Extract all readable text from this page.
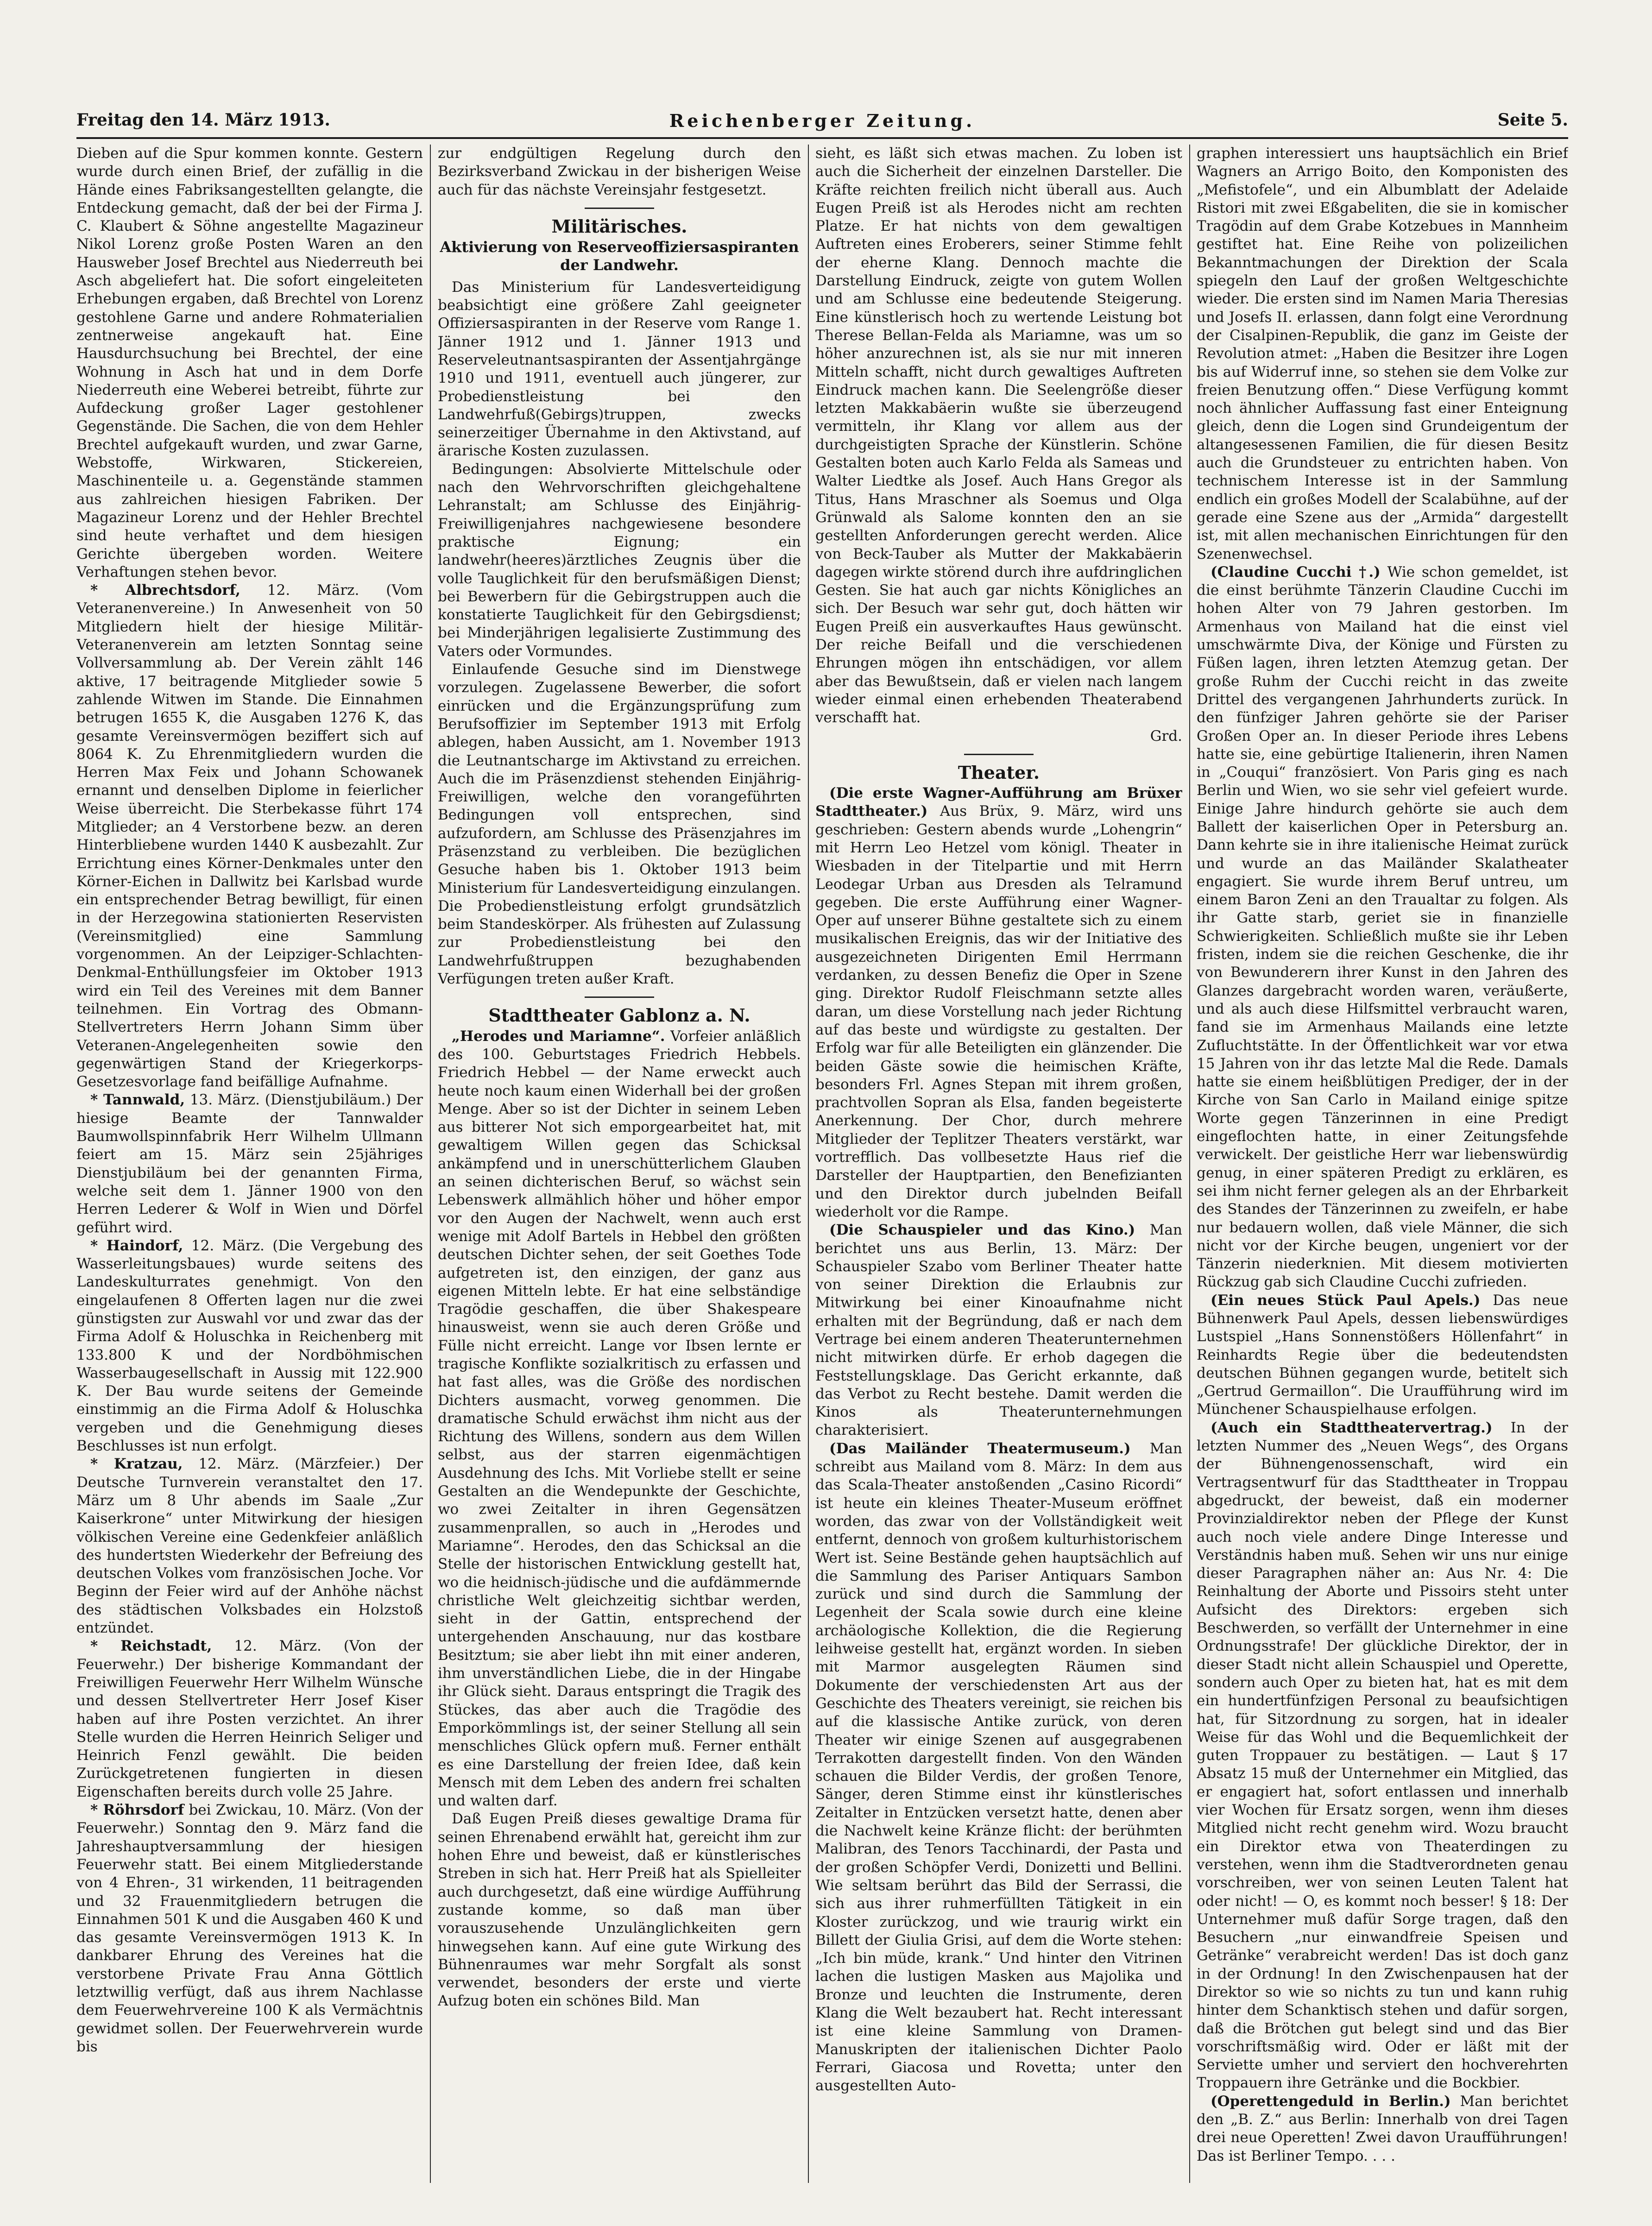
Freitag den 14. März 1913.	Reichenberger Zeitung.	Seite 5.

Dieben auf die Spur kommen konnte. Gestern wurde durch einen Brief, der zufällig in die Hände eines Fabriksangestellten gelangte, die Entdeckung gemacht, daß der bei der Firma J. C. Klaubert & Söhne angestellte Magazineur Nikol Lorenz große Posten Waren an den Hausweber Josef Brechtel aus Niederreuth bei Asch abgeliefert hat. Die sofort eingeleiteten Erhebungen ergaben, daß Brechtel von Lorenz gestohlene Garne und andere Rohmaterialien zentnerweise angekauft hat. Eine Hausdurchsuchung bei Brechtel, der eine Wohnung in Asch hat und in dem Dorfe Niederreuth eine Weberei betreibt, führte zur Aufdeckung großer Lager gestohlener Gegenstände. Die Sachen, die von dem Hehler Brechtel aufgekauft wurden, und zwar Garne, Webstoffe, Wirkwaren, Stickereien, Maschinenteile u. a. Gegenstände stammen aus zahlreichen hiesigen Fabriken. Der Magazineur Lorenz und der Hehler Brechtel sind heute verhaftet und dem hiesigen Gerichte übergeben worden. Weitere Verhaftungen stehen bevor.

* Albrechtsdorf, 12. März. (Vom Veteranenvereine.) In Anwesenheit von 50 Mitgliedern hielt der hiesige Militär-Veteranenverein am letzten Sonntag seine Vollversammlung ab. Der Verein zählt 146 aktive, 17 beitragende Mitglieder sowie 5 zahlende Witwen im Stande. Die Einnahmen betrugen 1655 K, die Ausgaben 1276 K, das gesamte Vereinsvermögen beziffert sich auf 8064 K. Zu Ehrenmitgliedern wurden die Herren Max Feix und Johann Schowanek ernannt und denselben Diplome in feierlicher Weise überreicht. Die Sterbekasse führt 174 Mitglieder; an 4 Verstorbene bezw. an deren Hinterbliebene wurden 1440 K ausbezahlt. Zur Errichtung eines Körner-Denkmales unter den Körner-Eichen in Dallwitz bei Karlsbad wurde ein entsprechender Betrag bewilligt, für einen in der Herzegowina stationierten Reservisten (Vereinsmitglied) eine Sammlung vorgenommen. An der Leipziger-Schlachten-Denkmal-Enthüllungsfeier im Oktober 1913 wird ein Teil des Vereines mit dem Banner teilnehmen. Ein Vortrag des Obmann-Stellvertreters Herrn Johann Simm über Veteranen-Angelegenheiten sowie den gegenwärtigen Stand der Kriegerkorps-Gesetzesvorlage fand beifällige Aufnahme.

* Tannwald, 13. März. (Dienstjubiläum.) Der hiesige Beamte der Tannwalder Baumwollspinnfabrik Herr Wilhelm Ullmann feiert am 15. März sein 25jähriges Dienstjubiläum bei der genannten Firma, welche seit dem 1. Jänner 1900 von den Herren Lederer & Wolf in Wien und Dörfel geführt wird.

* Haindorf, 12. März. (Die Vergebung des Wasserleitungsbaues) wurde seitens des Landeskulturrates genehmigt. Von den eingelaufenen 8 Offerten lagen nur die zwei günstigsten zur Auswahl vor und zwar das der Firma Adolf & Holuschka in Reichenberg mit 133.800 K und der Nordböhmischen Wasserbaugesellschaft in Aussig mit 122.900 K. Der Bau wurde seitens der Gemeinde einstimmig an die Firma Adolf & Holuschka vergeben und die Genehmigung dieses Beschlusses ist nun erfolgt.

* Kratzau, 12. März. (Märzfeier.) Der Deutsche Turnverein veranstaltet den 17. März um 8 Uhr abends im Saale „Zur Kaiserkrone“ unter Mitwirkung der hiesigen völkischen Vereine eine Gedenkfeier anläßlich des hundertsten Wiederkehr der Befreiung des deutschen Volkes vom französischen Joche. Vor Beginn der Feier wird auf der Anhöhe nächst des städtischen Volksbades ein Holzstoß entzündet.

* Reichstadt, 12. März. (Von der Feuerwehr.) Der bisherige Kommandant der Freiwilligen Feuerwehr Herr Wilhelm Wünsche und dessen Stellvertreter Herr Josef Kiser haben auf ihre Posten verzichtet. An ihrer Stelle wurden die Herren Heinrich Seliger und Heinrich Fenzl gewählt. Die beiden Zurückgetretenen fungierten in diesen Eigenschaften bereits durch volle 25 Jahre.

* Röhrsdorf bei Zwickau, 10. März. (Von der Feuerwehr.) Sonntag den 9. März fand die Jahreshauptversammlung der hiesigen Feuerwehr statt. Bei einem Mitgliederstande von 4 Ehren-, 31 wirkenden, 11 beitragenden und 32 Frauenmitgliedern betrugen die Einnahmen 501 K und die Ausgaben 460 K und das gesamte Vereinsvermögen 1913 K. In dankbarer Ehrung des Vereines hat die verstorbene Private Frau Anna Göttlich letztwillig verfügt, daß aus ihrem Nachlasse dem Feuerwehrvereine 100 K als Vermächtnis gewidmet sollen. Der Feuerwehrverein wurde bis

zur endgültigen Regelung durch den Bezirksverband Zwickau in der bisherigen Weise auch für das nächste Vereinsjahr festgesetzt.

Militärisches.
Aktivierung von Reserveoffiziersaspiranten der Landwehr.

Das Ministerium für Landesverteidigung beabsichtigt eine größere Zahl geeigneter Offiziersaspiranten in der Reserve vom Range 1. Jänner 1912 und 1. Jänner 1913 und Reserveleutnantsaspiranten der Assentjahrgänge 1910 und 1911, eventuell auch jüngerer, zur Probedienstleistung bei den Landwehrfuß(Gebirgs)truppen, zwecks seinerzeitiger Übernahme in den Aktivstand, auf ärarische Kosten zuzulassen.

Bedingungen: Absolvierte Mittelschule oder nach den Wehrvorschriften gleichgehaltene Lehranstalt; am Schlusse des Einjährig-Freiwilligenjahres nachgewiesene besondere praktische Eignung; ein landwehr(heeres)ärztliches Zeugnis über die volle Tauglichkeit für den berufsmäßigen Dienst; bei Bewerbern für die Gebirgstruppen auch die konstatierte Tauglichkeit für den Gebirgsdienst; bei Minderjährigen legalisierte Zustimmung des Vaters oder Vormundes.

Einlaufende Gesuche sind im Dienstwege vorzulegen. Zugelassene Bewerber, die sofort einrücken und die Ergänzungsprüfung zum Berufsoffizier im September 1913 mit Erfolg ablegen, haben Aussicht, am 1. November 1913 die Leutnantscharge im Aktivstand zu erreichen. Auch die im Präsenzdienst stehenden Einjährig-Freiwilligen, welche den vorangeführten Bedingungen voll entsprechen, sind aufzufordern, am Schlusse des Präsenzjahres im Präsenzstand zu verbleiben. Die bezüglichen Gesuche haben bis 1. Oktober 1913 beim Ministerium für Landesverteidigung einzulangen. Die Probedienstleistung erfolgt grundsätzlich beim Standeskörper. Als frühesten auf Zulassung zur Probedienstleistung bei den Landwehrfußtruppen bezughabenden Verfügungen treten außer Kraft.

Stadttheater Gablonz a. N.

„Herodes und Mariamne“. Vorfeier anläßlich des 100. Geburtstages Friedrich Hebbels. Friedrich Hebbel — der Name erweckt auch heute noch kaum einen Widerhall bei der großen Menge. Aber so ist der Dichter in seinem Leben aus bitterer Not sich emporgearbeitet hat, mit gewaltigem Willen gegen das Schicksal ankämpfend und in unerschütterlichem Glauben an seinen dichterischen Beruf, so wächst sein Lebenswerk allmählich höher und höher empor vor den Augen der Nachwelt, wenn auch erst wenige mit Adolf Bartels in Hebbel den größten deutschen Dichter sehen, der seit Goethes Tode aufgetreten ist, den einzigen, der ganz aus eigenen Mitteln lebte. Er hat eine selbständige Tragödie geschaffen, die über Shakespeare hinausweist, wenn sie auch deren Größe und Fülle nicht erreicht. Lange vor Ibsen lernte er tragische Konflikte sozialkritisch zu erfassen und hat fast alles, was die Größe des nordischen Dichters ausmacht, vorweg genommen. Die dramatische Schuld erwächst ihm nicht aus der Richtung des Willens, sondern aus dem Willen selbst, aus der starren eigenmächtigen Ausdehnung des Ichs. Mit Vorliebe stellt er seine Gestalten an die Wendepunkte der Geschichte, wo zwei Zeitalter in ihren Gegensätzen zusammenprallen, so auch in „Herodes und Mariamne“. Herodes, den das Schicksal an die Stelle der historischen Entwicklung gestellt hat, wo die heidnisch-jüdische und die aufdämmernde christliche Welt gleichzeitig sichtbar werden, sieht in der Gattin, entsprechend der untergehenden Anschauung, nur das kostbare Besitztum; sie aber liebt ihn mit einer anderen, ihm unverständlichen Liebe, die in der Hingabe ihr Glück sieht. Daraus entspringt die Tragik des Stückes, das aber auch die Tragödie des Emporkömmlings ist, der seiner Stellung all sein menschliches Glück opfern muß. Ferner enthält es eine Darstellung der freien Idee, daß kein Mensch mit dem Leben des andern frei schalten und walten darf.

Daß Eugen Preiß dieses gewaltige Drama für seinen Ehrenabend erwählt hat, gereicht ihm zur hohen Ehre und beweist, daß er künstlerisches Streben in sich hat. Herr Preiß hat als Spielleiter auch durchgesetzt, daß eine würdige Aufführung zustande komme, so daß man über vorauszusehende Unzulänglichkeiten gern hinwegsehen kann. Auf eine gute Wirkung des Bühnenraumes war mehr Sorgfalt als sonst verwendet, besonders der erste und vierte Aufzug boten ein schönes Bild. Man

sieht, es läßt sich etwas machen. Zu loben ist auch die Sicherheit der einzelnen Darsteller. Die Kräfte reichten freilich nicht überall aus. Auch Eugen Preiß ist als Herodes nicht am rechten Platze. Er hat nichts von dem gewaltigen Auftreten eines Eroberers, seiner Stimme fehlt der eherne Klang. Dennoch machte die Darstellung Eindruck, zeigte von gutem Wollen und am Schlusse eine bedeutende Steigerung. Eine künstlerisch hoch zu wertende Leistung bot Therese Bellan-Felda als Mariamne, was um so höher anzurechnen ist, als sie nur mit inneren Mitteln schafft, nicht durch gewaltiges Auftreten Eindruck machen kann. Die Seelengröße dieser letzten Makkabäerin wußte sie überzeugend vermitteln, ihr Klang vor allem aus der durchgeistigten Sprache der Künstlerin. Schöne Gestalten boten auch Karlo Felda als Sameas und Walter Liedtke als Josef. Auch Hans Gregor als Titus, Hans Mraschner als Soemus und Olga Grünwald als Salome konnten den an sie gestellten Anforderungen gerecht werden. Alice von Beck-Tauber als Mutter der Makkabäerin dagegen wirkte störend durch ihre aufdringlichen Gesten. Sie hat auch gar nichts Königliches an sich. Der Besuch war sehr gut, doch hätten wir Eugen Preiß ein ausverkauftes Haus gewünscht. Der reiche Beifall und die verschiedenen Ehrungen mögen ihn entschädigen, vor allem aber das Bewußtsein, daß er vielen nach langem wieder einmal einen erhebenden Theaterabend verschafft hat.

Grd.
Theater.

(Die erste Wagner-Aufführung am Brüxer Stadttheater.) Aus Brüx, 9. März, wird uns geschrieben: Gestern abends wurde „Lohengrin“ mit Herrn Leo Hetzel vom königl. Theater in Wiesbaden in der Titelpartie und mit Herrn Leodegar Urban aus Dresden als Telramund gegeben. Die erste Aufführung einer Wagner-Oper auf unserer Bühne gestaltete sich zu einem musikalischen Ereignis, das wir der Initiative des ausgezeichneten Dirigenten Emil Herrmann verdanken, zu dessen Benefiz die Oper in Szene ging. Direktor Rudolf Fleischmann setzte alles daran, um diese Vorstellung nach jeder Richtung auf das beste und würdigste zu gestalten. Der Erfolg war für alle Beteiligten ein glänzender. Die beiden Gäste sowie die heimischen Kräfte, besonders Frl. Agnes Stepan mit ihrem großen, prachtvollen Sopran als Elsa, fanden begeisterte Anerkennung. Der Chor, durch mehrere Mitglieder der Teplitzer Theaters verstärkt, war vortrefflich. Das vollbesetzte Haus rief die Darsteller der Hauptpartien, den Benefizianten und den Direktor durch jubelnden Beifall wiederholt vor die Rampe.

(Die Schauspieler und das Kino.) Man berichtet uns aus Berlin, 13. März: Der Schauspieler Szabo vom Berliner Theater hatte von seiner Direktion die Erlaubnis zur Mitwirkung bei einer Kinoaufnahme nicht erhalten mit der Begründung, daß er nach dem Vertrage bei einem anderen Theaterunternehmen nicht mitwirken dürfe. Er erhob dagegen die Feststellungsklage. Das Gericht erkannte, daß das Verbot zu Recht bestehe. Damit werden die Kinos als Theaterunternehmungen charakterisiert.

(Das Mailänder Theatermuseum.) Man schreibt aus Mailand vom 8. März: In dem aus das Scala-Theater anstoßenden „Casino Ricordi“ ist heute ein kleines Theater-Museum eröffnet worden, das zwar von der Vollständigkeit weit entfernt, dennoch von großem kulturhistorischem Wert ist. Seine Bestände gehen hauptsächlich auf die Sammlung des Pariser Antiquars Sambon zurück und sind durch die Sammlung der Legenheit der Scala sowie durch eine kleine archäologische Kollektion, die die Regierung leihweise gestellt hat, ergänzt worden. In sieben mit Marmor ausgelegten Räumen sind Dokumente der verschiedensten Art aus der Geschichte des Theaters vereinigt, sie reichen bis auf die klassische Antike zurück, von deren Theater wir einige Szenen auf ausgegrabenen Terrakotten dargestellt finden. Von den Wänden schauen die Bilder Verdis, der großen Tenore, Sänger, deren Stimme einst ihr künstlerisches Zeitalter in Entzücken versetzt hatte, denen aber die Nachwelt keine Kränze flicht: der berühmten Malibran, des Tenors Tacchinardi, der Pasta und der großen Schöpfer Verdi, Donizetti und Bellini. Wie seltsam berührt das Bild der Serrassi, die sich aus ihrer ruhmerfüllten Tätigkeit in ein Kloster zurückzog, und wie traurig wirkt ein Billett der Giulia Grisi, auf dem die Worte stehen: „Ich bin müde, krank.“ Und hinter den Vitrinen lachen die lustigen Masken aus Majolika und Bronze und leuchten die Instrumente, deren Klang die Welt bezaubert hat. Recht interessant ist eine kleine Sammlung von Dramen-Manuskripten der italienischen Dichter Paolo Ferrari, Giacosa und Rovetta; unter den ausgestellten Auto-

graphen interessiert uns hauptsächlich ein Brief Wagners an Arrigo Boito, den Komponisten des „Mefistofele“, und ein Albumblatt der Adelaide Ristori mit zwei Eßgabeliten, die sie in komischer Tragödin auf dem Grabe Kotzebues in Mannheim gestiftet hat. Eine Reihe von polizeilichen Bekanntmachungen der Direktion der Scala spiegeln den Lauf der großen Weltgeschichte wieder. Die ersten sind im Namen Maria Theresias und Josefs II. erlassen, dann folgt eine Verordnung der Cisalpinen-Republik, die ganz im Geiste der Revolution atmet: „Haben die Besitzer ihre Logen bis auf Widerruf inne, so stehen sie dem Volke zur freien Benutzung offen.“ Diese Verfügung kommt noch ähnlicher Auffassung fast einer Enteignung gleich, denn die Logen sind Grundeigentum der altangesessenen Familien, die für diesen Besitz auch die Grundsteuer zu entrichten haben. Von technischem Interesse ist in der Sammlung endlich ein großes Modell der Scalabühne, auf der gerade eine Szene aus der „Armida“ dargestellt ist, mit allen mechanischen Einrichtungen für den Szenenwechsel.

(Claudine Cucchi †.) Wie schon gemeldet, ist die einst berühmte Tänzerin Claudine Cucchi im hohen Alter von 79 Jahren gestorben. Im Armenhaus von Mailand hat die einst viel umschwärmte Diva, der Könige und Fürsten zu Füßen lagen, ihren letzten Atemzug getan. Der große Ruhm der Cucchi reicht in das zweite Drittel des vergangenen Jahrhunderts zurück. In den fünfziger Jahren gehörte sie der Pariser Großen Oper an. In dieser Periode ihres Lebens hatte sie, eine gebürtige Italienerin, ihren Namen in „Couqui“ französiert. Von Paris ging es nach Berlin und Wien, wo sie sehr viel gefeiert wurde. Einige Jahre hindurch gehörte sie auch dem Ballett der kaiserlichen Oper in Petersburg an. Dann kehrte sie in ihre italienische Heimat zurück und wurde an das Mailänder Skalatheater engagiert. Sie wurde ihrem Beruf untreu, um einem Baron Zeni an den Traualtar zu folgen. Als ihr Gatte starb, geriet sie in finanzielle Schwierigkeiten. Schließlich mußte sie ihr Leben fristen, indem sie die reichen Geschenke, die ihr von Bewunderern ihrer Kunst in den Jahren des Glanzes dargebracht worden waren, veräußerte, und als auch diese Hilfsmittel verbraucht waren, fand sie im Armenhaus Mailands eine letzte Zufluchtstätte. In der Öffentlichkeit war vor etwa 15 Jahren von ihr das letzte Mal die Rede. Damals hatte sie einem heißblütigen Prediger, der in der Kirche von San Carlo in Mailand einige spitze Worte gegen Tänzerinnen in eine Predigt eingeflochten hatte, in einer Zeitungsfehde verwickelt. Der geistliche Herr war liebenswürdig genug, in einer späteren Predigt zu erklären, es sei ihm nicht ferner gelegen als an der Ehrbarkeit des Standes der Tänzerinnen zu zweifeln, er habe nur bedauern wollen, daß viele Männer, die sich nicht vor der Kirche beugen, ungeniert vor der Tänzerin niederknien. Mit diesem motivierten Rückzug gab sich Claudine Cucchi zufrieden.

(Ein neues Stück Paul Apels.) Das neue Bühnenwerk Paul Apels, dessen liebenswürdiges Lustspiel „Hans Sonnenstößers Höllenfahrt“ in Reinhardts Regie über die bedeutendsten deutschen Bühnen gegangen wurde, betitelt sich „Gertrud Germaillon“. Die Uraufführung wird im Münchener Schauspielhause erfolgen.

(Auch ein Stadttheatervertrag.) In der letzten Nummer des „Neuen Wegs“, des Organs der Bühnengenossenschaft, wird ein Vertragsentwurf für das Stadttheater in Troppau abgedruckt, der beweist, daß ein moderner Provinzialdirektor neben der Pflege der Kunst auch noch viele andere Dinge Interesse und Verständnis haben muß. Sehen wir uns nur einige dieser Paragraphen näher an: Aus Nr. 4: Die Reinhaltung der Aborte und Pissoirs steht unter Aufsicht des Direktors: ergeben sich Beschwerden, so verfällt der Unternehmer in eine Ordnungsstrafe! Der glückliche Direktor, der in dieser Stadt nicht allein Schauspiel und Operette, sondern auch Oper zu bieten hat, hat es mit dem ein hundertfünfzigen Personal zu beaufsichtigen hat, für Sitzordnung zu sorgen, hat in idealer Weise für das Wohl und die Bequemlichkeit der guten Troppauer zu bestätigen. — Laut § 17 Absatz 15 muß der Unternehmer ein Mitglied, das er engagiert hat, sofort entlassen und innerhalb vier Wochen für Ersatz sorgen, wenn ihm dieses Mitglied nicht recht genehm wird. Wozu braucht ein Direktor etwa von Theaterdingen zu verstehen, wenn ihm die Stadtverordneten genau vorschreiben, wer von seinen Leuten Talent hat oder nicht! — O, es kommt noch besser! § 18: Der Unternehmer muß dafür Sorge tragen, daß den Besuchern „nur einwandfreie Speisen und Getränke“ verabreicht werden! Das ist doch ganz in der Ordnung! In den Zwischenpausen hat der Direktor so wie so nichts zu tun und kann ruhig hinter dem Schanktisch stehen und dafür sorgen, daß die Brötchen gut belegt sind und das Bier vorschriftsmäßig wird. Oder er läßt mit der Serviette umher und serviert den hochverehrten Troppauern ihre Getränke und die Bockbier.

(Operettengeduld in Berlin.) Man berichtet den „B. Z.“ aus Berlin: Innerhalb von drei Tagen drei neue Operetten! Zwei davon Uraufführungen! Das ist Berliner Tempo. . . .
